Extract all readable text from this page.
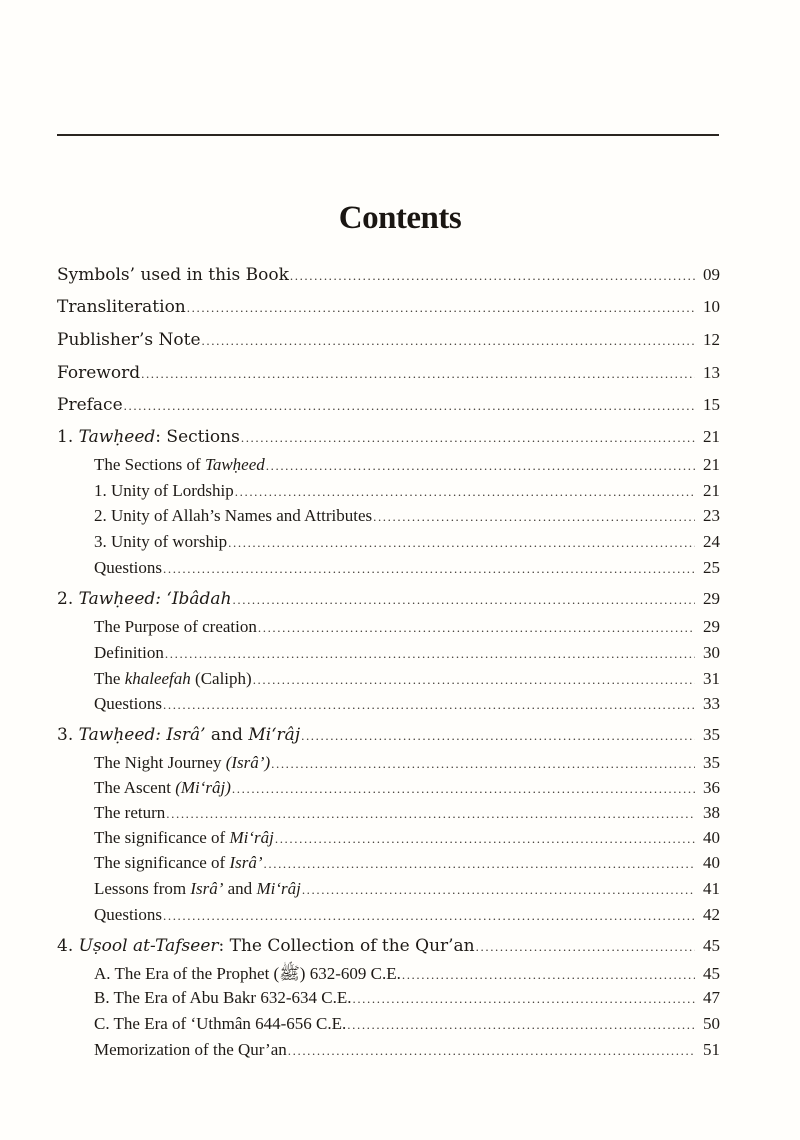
Contents
Symbols’ used in this Book .....	09
Transliteration .....	10
Publisher’s Note .....	12
Foreword .....	13
Preface .....	15
1. Tawḥeed: Sections .....	21
The Sections of Tawḥeed .....	21
1. Unity of Lordship .....	21
2. Unity of Allah’s Names and Attributes .....	23
3. Unity of worship .....	24
Questions .....	25
2. Tawḥeed: ‘Ibâdah .....	29
The Purpose of creation .....	29
Definition .....	30
The khaleefah (Caliph) .....	31
Questions .....	33
3. Tawḥeed: Isrâ’ and Mi‘râj .....	35
The Night Journey (Isrâ’) .....	35
The Ascent (Mi‘râj) .....	36
The return .....	38
The significance of Mi‘râj .....	40
The significance of Isrâ’ .....	40
Lessons from Isrâ’ and Mi‘râj .....	41
Questions .....	42
4. Uṣool at-Tafseer: The Collection of the Qur’an .....	45
A. The Era of the Prophet (ﷺ) 609-632 C.E. .....	45
B. The Era of Abu Bakr 632-634 C.E. .....	47
C. The Era of ‘Uthmân 644-656 C.E. .....	50
Memorization of the Qur’an .....	51
